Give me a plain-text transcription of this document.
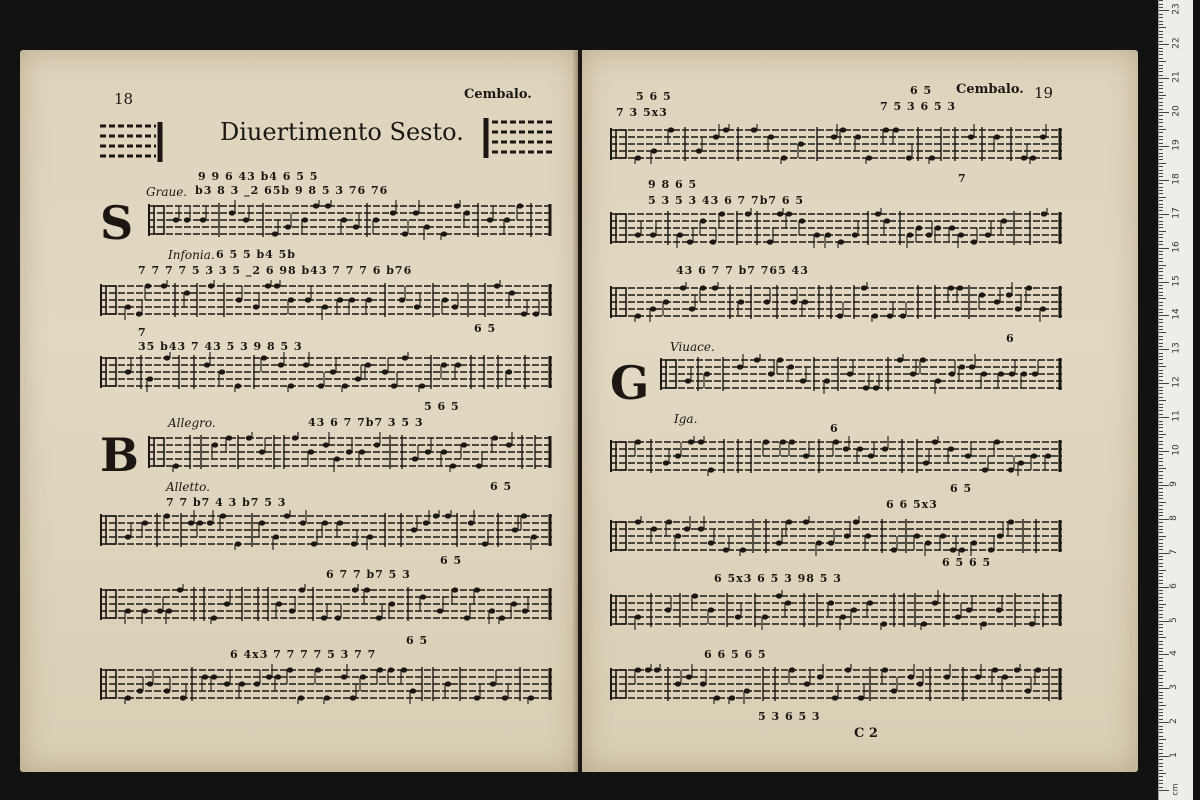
18	Cembalo.
Diuertimento Sesto.
9 9 6 43 b4 6 5 5
Graue. b3 8 3 _2 65b 9 8 5 3 76 76
S
Infonia. 6 5 5 b4 5b
7 7 7 7 5 3 3 5 _2 6 98 b43 7 7 7 6 b76
7
35 b43 7 43 5 3 9 8 5 3
6 5
Allegro.	43 6 7 7b7 3 5 3
5 6 5
B
Alletto.	6 5
7 7 b7 4 3 b7 5 3
6 5
6 7 7 b7 5 3
6 5
6 4x3 7 7 7 7 5 3 7 7
Cembalo. 19
5 6 5
7 3 5x3
6 5
7 5 3 6 5 3
9 8 6 5
5 3 5 3 43 6 7 7b7 6 5
7
43 6 7 7 b7 765 43
Viuace.
6
G
Iga.
6
6 5
6 6 5x3
6 5 6 5
6 5x3 6 5 3 98 5 3
6 6 5 6 5
5 3 6 5 3
C 2
cm
1
2
3
4
5
6
7
8
9
10
11
12
13
14
15
16
17
18
19
20
21
22
23
